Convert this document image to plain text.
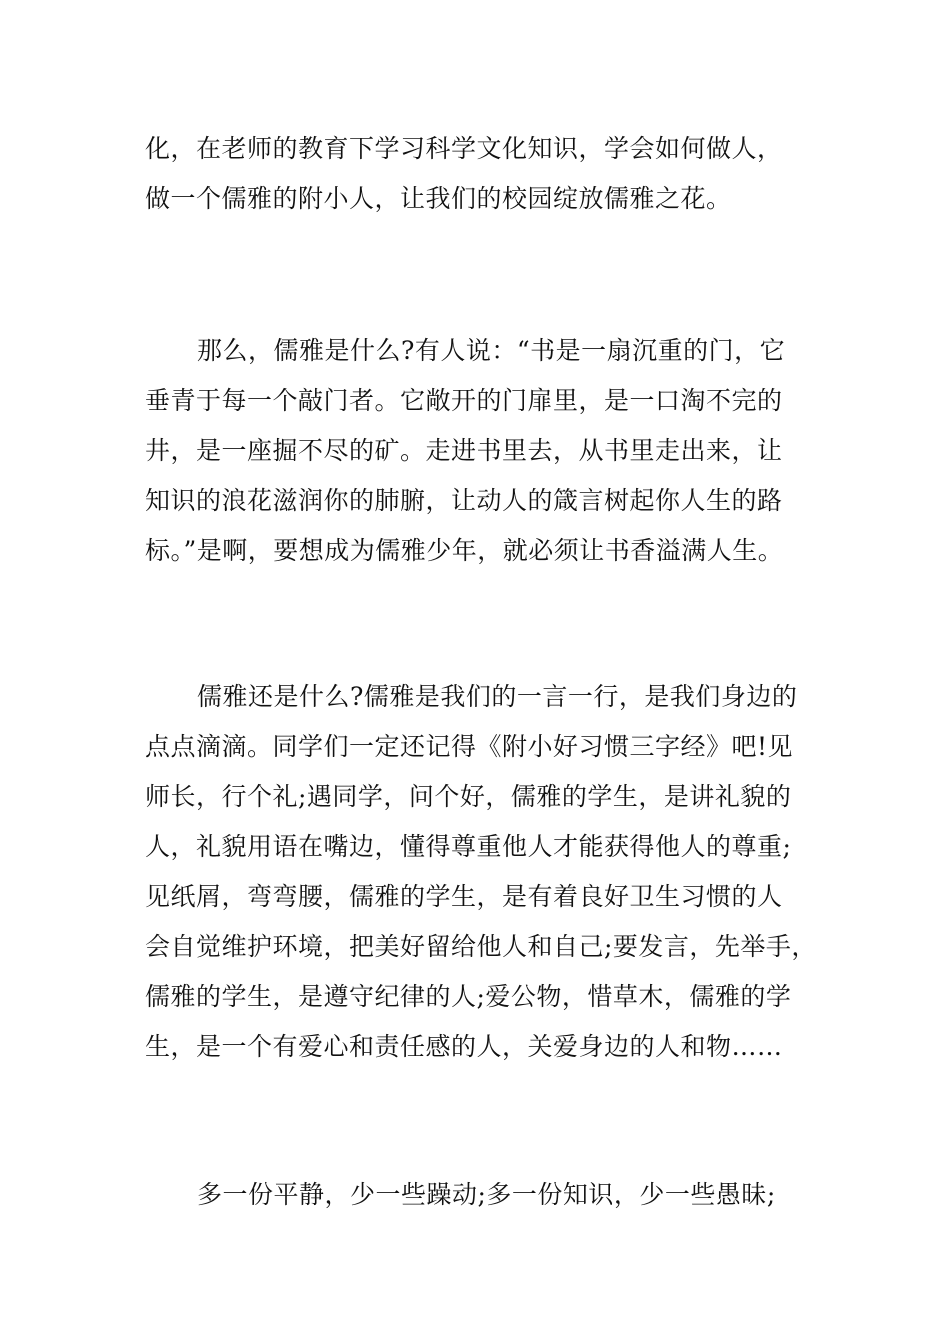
化，在老师的教育下学习科学文化知识，学会如何做人，
做一个儒雅的附小人，让我们的校园绽放儒雅之花。
那么，儒雅是什么?有人说：“书是一扇沉重的门，它
垂青于每一个敲门者。它敞开的门扉里，是一口淘不完的
井，是一座掘不尽的矿。走进书里去，从书里走出来，让
知识的浪花滋润你的肺腑，让动人的箴言树起你人生的路
标。”是啊，要想成为儒雅少年，就必须让书香溢满人生。
儒雅还是什么?儒雅是我们的一言一行，是我们身边的
点点滴滴。同学们一定还记得《附小好习惯三字经》吧!见
师长，行个礼;遇同学，问个好，儒雅的学生，是讲礼貌的
人，礼貌用语在嘴边，懂得尊重他人才能获得他人的尊重;
见纸屑，弯弯腰，儒雅的学生，是有着良好卫生习惯的人
会自觉维护环境，把美好留给他人和自己;要发言，先举手，
儒雅的学生，是遵守纪律的人;爱公物，惜草木，儒雅的学
生，是一个有爱心和责任感的人，关爱身边的人和物……
多一份平静，少一些躁动;多一份知识，少一些愚昧;
